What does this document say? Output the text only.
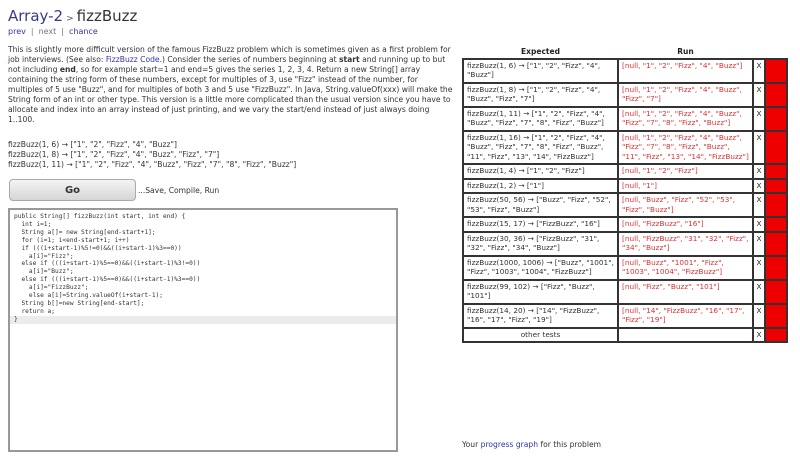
Array-2 > fizzBuzz
prev | next | chance
This is slightly more difficult version of the famous FizzBuzz problem which is sometimes given as a first problem for job interviews. (See also: FizzBuzz Code.) Consider the series of numbers beginning at start and running up to but not including end, so for example start=1 and end=5 gives the series 1, 2, 3, 4. Return a new String[] array containing the string form of these numbers, except for multiples of 3, use "Fizz" instead of the number, for multiples of 5 use "Buzz", and for multiples of both 3 and 5 use "FizzBuzz". In Java, String.valueOf(xxx) will make the String form of an int or other type. This version is a little more complicated than the usual version since you have to allocate and index into an array instead of just printing, and we vary the start/end instead of just always doing 1..100.
fizzBuzz(1, 6) → ["1", "2", "Fizz", "4", "Buzz"]
fizzBuzz(1, 8) → ["1", "2", "Fizz", "4", "Buzz", "Fizz", "7"]
fizzBuzz(1, 11) → ["1", "2", "Fizz", "4", "Buzz", "Fizz", "7", "8", "Fizz", "Buzz"]
Go	...Save, Compile, Run
public String[] fizzBuzz(int start, int end) {
int i=1;
String a[]= new String[end-start+1];
for (i=1; i<end-start+1; i++)
if (((i+start-1)%5!=0)&&((i+start-1)%3==0))
a[i]="Fizz";
else if (((i+start-1)%5==0)&&((i+start-1)%3!=0))
a[i]="Buzz";
else if (((i+start-1)%5==0)&&((i+start-1)%3==0))
a[i]="FizzBuzz";
else a[i]=String.valueOf(i+start-1);
String b[]=new String[end-start];
return a;
}
Expected	Run		
fizzBuzz(1, 6) → ["1", "2", "Fizz", "4", "Buzz"]	[null, "1", "2", "Fizz", "4", "Buzz"]	X	
fizzBuzz(1, 8) → ["1", "2", "Fizz", "4", "Buzz", "Fizz", "7"]	[null, "1", "2", "Fizz", "4", "Buzz", "Fizz", "7"]	X	
fizzBuzz(1, 11) → ["1", "2", "Fizz", "4", "Buzz", "Fizz", "7", "8", "Fizz", "Buzz"]	[null, "1", "2", "Fizz", "4", "Buzz", "Fizz", "7", "8", "Fizz", "Buzz"]	X	
fizzBuzz(1, 16) → ["1", "2", "Fizz", "4", "Buzz", "Fizz", "7", "8", "Fizz", "Buzz", "11", "Fizz", "13", "14", "FizzBuzz"]	[null, "1", "2", "Fizz", "4", "Buzz", "Fizz", "7", "8", "Fizz", "Buzz", "11", "Fizz", "13", "14", "FizzBuzz"]	X	
fizzBuzz(1, 4) → ["1", "2", "Fizz"]	[null, "1", "2", "Fizz"]	X	
fizzBuzz(1, 2) → ["1"]	[null, "1"]	X	
fizzBuzz(50, 56) → ["Buzz", "Fizz", "52", "53", "Fizz", "Buzz"]	[null, "Buzz", "Fizz", "52", "53", "Fizz", "Buzz"]	X	
fizzBuzz(15, 17) → ["FizzBuzz", "16"]	[null, "FizzBuzz", "16"]	X	
fizzBuzz(30, 36) → ["FizzBuzz", "31", "32", "Fizz", "34", "Buzz"]	[null, "FizzBuzz", "31", "32", "Fizz", "34", "Buzz"]	X	
fizzBuzz(1000, 1006) → ["Buzz", "1001", "Fizz", "1003", "1004", "FizzBuzz"]	[null, "Buzz", "1001", "Fizz", "1003", "1004", "FizzBuzz"]	X	
fizzBuzz(99, 102) → ["Fizz", "Buzz", "101"]	[null, "Fizz", "Buzz", "101"]	X	
fizzBuzz(14, 20) → ["14", "FizzBuzz", "16", "17", "Fizz", "19"]	[null, "14", "FizzBuzz", "16", "17", "Fizz", "19"]	X	
other tests		X	
Your progress graph for this problem
